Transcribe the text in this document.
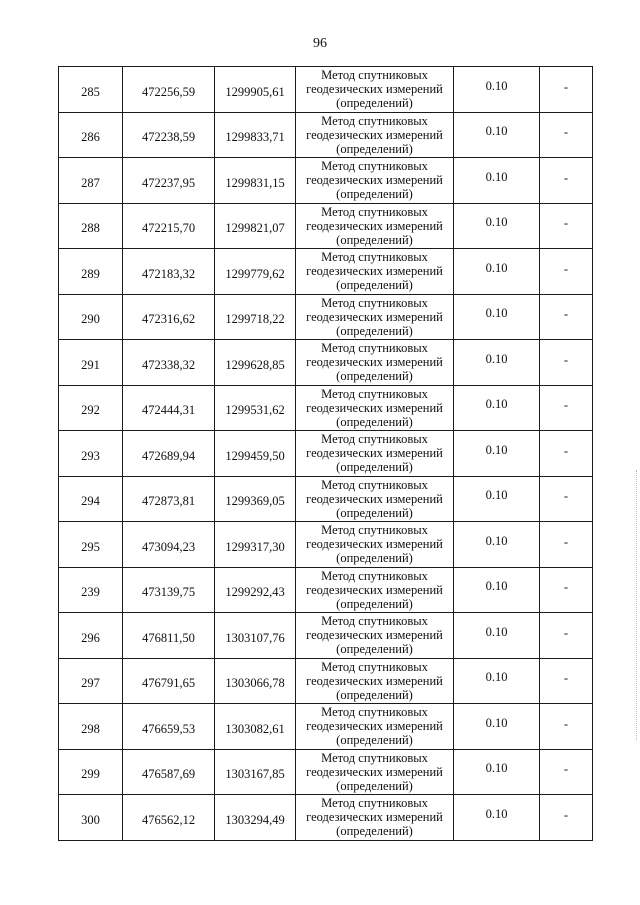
96
285	472256,59	1299905,61	Метод спутниковых
геодезических измерений
(определений)	0.10	-
286	472238,59	1299833,71	Метод спутниковых
геодезических измерений
(определений)	0.10	-
287	472237,95	1299831,15	Метод спутниковых
геодезических измерений
(определений)	0.10	-
288	472215,70	1299821,07	Метод спутниковых
геодезических измерений
(определений)	0.10	-
289	472183,32	1299779,62	Метод спутниковых
геодезических измерений
(определений)	0.10	-
290	472316,62	1299718,22	Метод спутниковых
геодезических измерений
(определений)	0.10	-
291	472338,32	1299628,85	Метод спутниковых
геодезических измерений
(определений)	0.10	-
292	472444,31	1299531,62	Метод спутниковых
геодезических измерений
(определений)	0.10	-
293	472689,94	1299459,50	Метод спутниковых
геодезических измерений
(определений)	0.10	-
294	472873,81	1299369,05	Метод спутниковых
геодезических измерений
(определений)	0.10	-
295	473094,23	1299317,30	Метод спутниковых
геодезических измерений
(определений)	0.10	-
239	473139,75	1299292,43	Метод спутниковых
геодезических измерений
(определений)	0.10	-
296	476811,50	1303107,76	Метод спутниковых
геодезических измерений
(определений)	0.10	-
297	476791,65	1303066,78	Метод спутниковых
геодезических измерений
(определений)	0.10	-
298	476659,53	1303082,61	Метод спутниковых
геодезических измерений
(определений)	0.10	-
299	476587,69	1303167,85	Метод спутниковых
геодезических измерений
(определений)	0.10	-
300	476562,12	1303294,49	Метод спутниковых
геодезических измерений
(определений)	0.10	-
